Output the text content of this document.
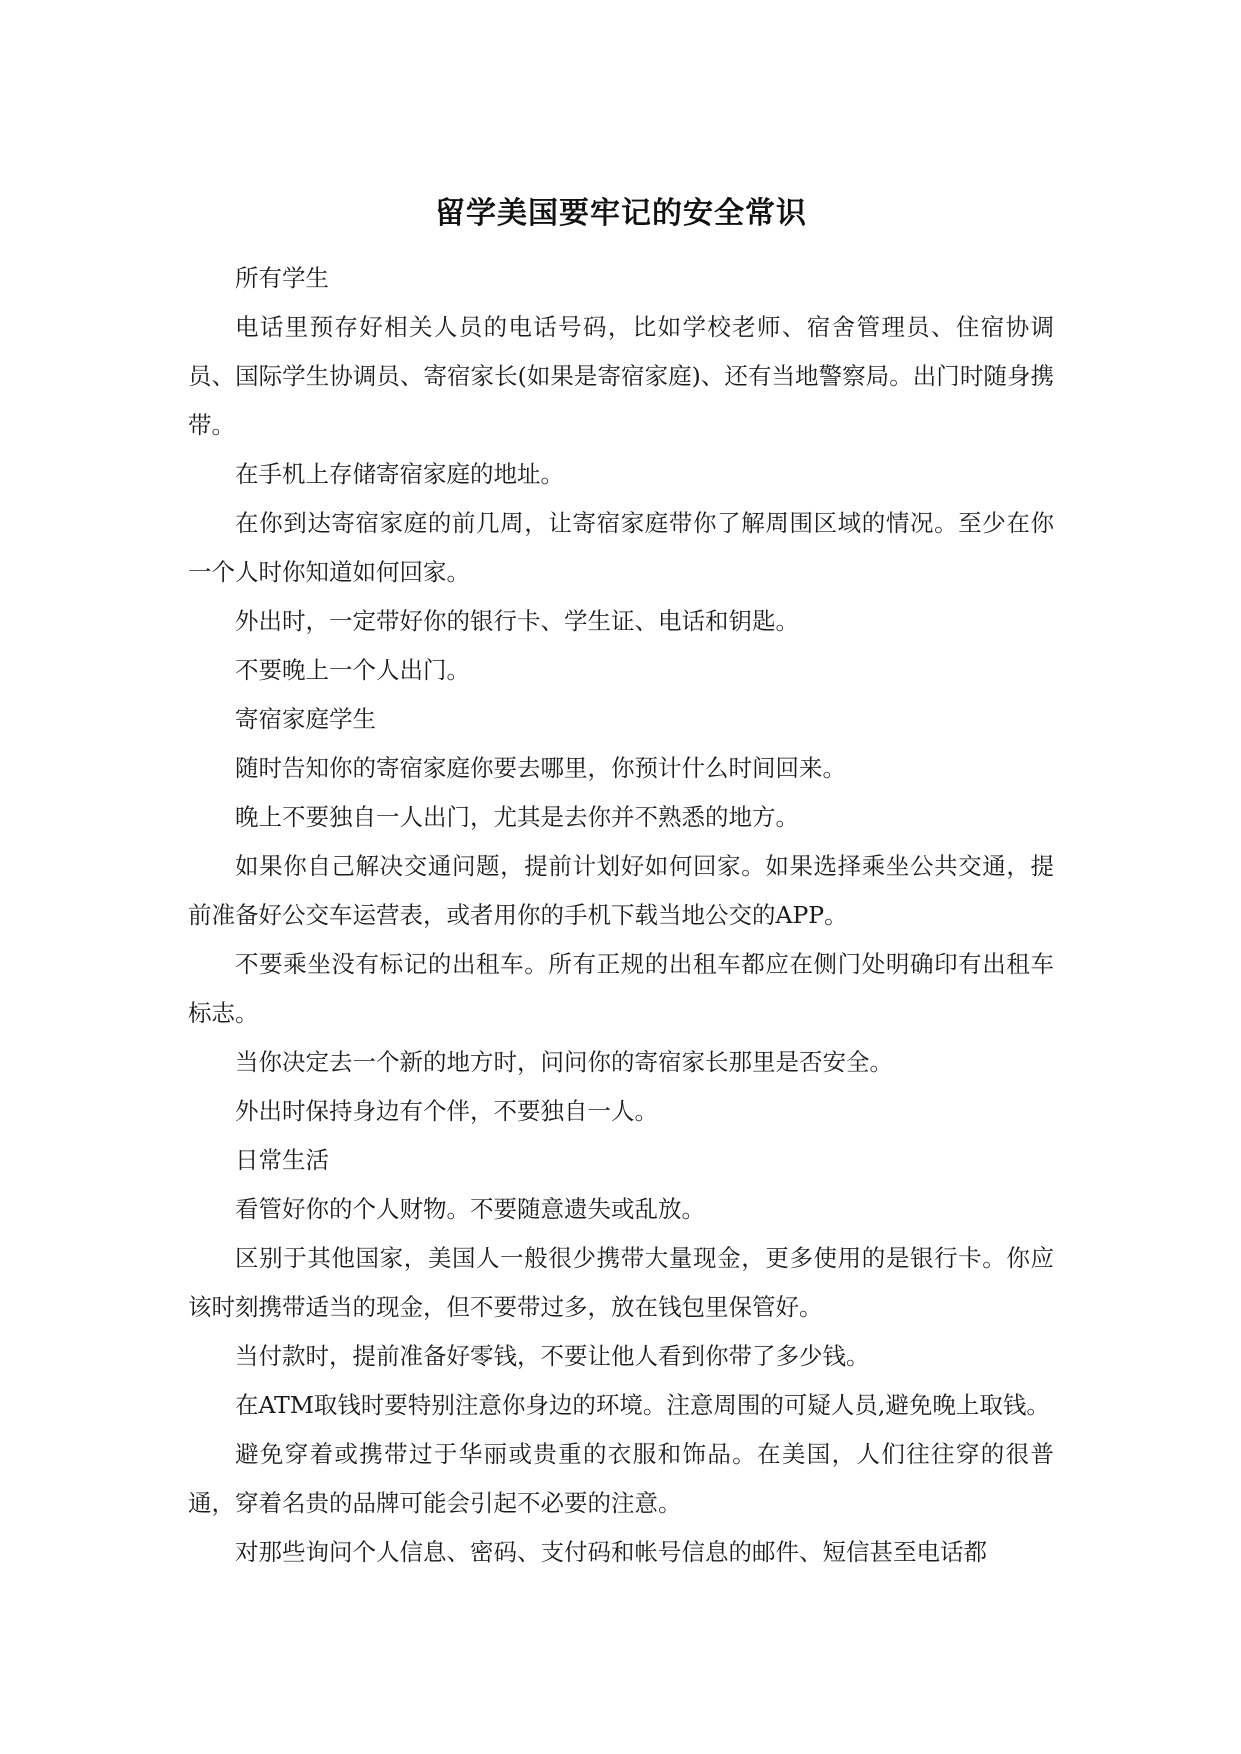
留学美国要牢记的安全常识

所有学生

电话里预存好相关人员的电话号码，比如学校老师、宿舍管理员、住宿协调员、国际学生协调员、寄宿家长(如果是寄宿家庭)、还有当地警察局。出门时随身携带。

在手机上存储寄宿家庭的地址。

在你到达寄宿家庭的前几周，让寄宿家庭带你了解周围区域的情况。至少在你一个人时你知道如何回家。

外出时，一定带好你的银行卡、学生证、电话和钥匙。

不要晚上一个人出门。

寄宿家庭学生

随时告知你的寄宿家庭你要去哪里，你预计什么时间回来。

晚上不要独自一人出门，尤其是去你并不熟悉的地方。

如果你自己解决交通问题，提前计划好如何回家。如果选择乘坐公共交通，提前准备好公交车运营表，或者用你的手机下载当地公交的APP。

不要乘坐没有标记的出租车。所有正规的出租车都应在侧门处明确印有出租车标志。

当你决定去一个新的地方时，问问你的寄宿家长那里是否安全。

外出时保持身边有个伴，不要独自一人。

日常生活

看管好你的个人财物。不要随意遗失或乱放。

区别于其他国家，美国人一般很少携带大量现金，更多使用的是银行卡。你应该时刻携带适当的现金，但不要带过多，放在钱包里保管好。

当付款时，提前准备好零钱，不要让他人看到你带了多少钱。

在ATM取钱时要特别注意你身边的环境。注意周围的可疑人员,避免晚上取钱。

避免穿着或携带过于华丽或贵重的衣服和饰品。在美国，人们往往穿的很普通，穿着名贵的品牌可能会引起不必要的注意。

对那些询问个人信息、密码、支付码和帐号信息的邮件、短信甚至电话都
